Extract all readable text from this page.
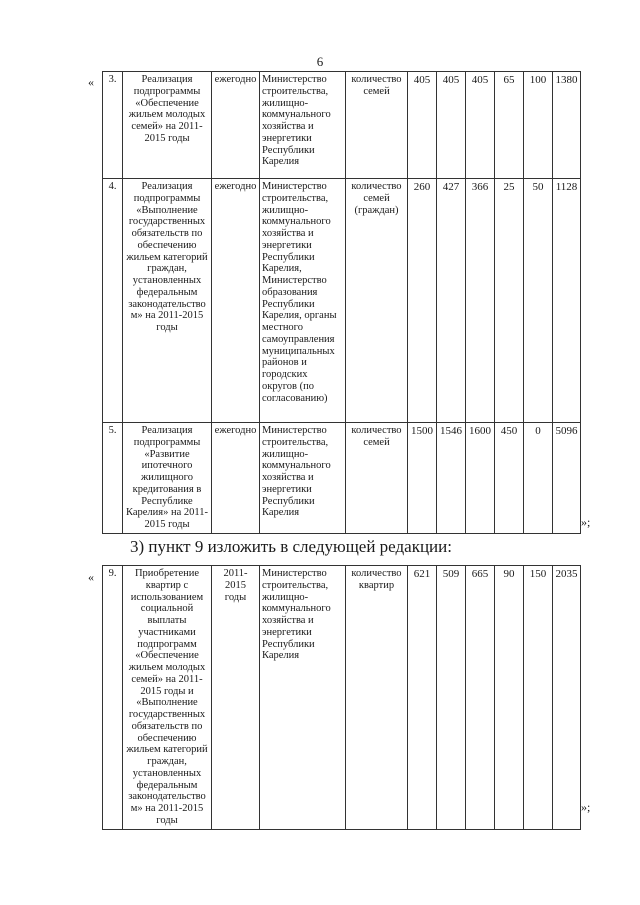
6
« 3.	Реализация подпрограммы «Обеспечение жильем молодых семей» на 2011-2015 годы	ежегодно	Министерство строительства, жилищно-коммунального хозяйства и энергетики Республики Карелия	количество семей	405	405	405	65	100	1380
4.	Реализация подпрограммы «Выполнение государственных обязательств по обеспечению жильем категорий граждан, установленных федеральным законодательством» на 2011-2015 годы	ежегодно	Министерство строительства, жилищно-коммунального хозяйства и энергетики Республики Карелия, Министерство образования Республики Карелия, органы местного самоуправления муниципальных районов и городских округов (по согласованию)	количество семей (граждан)	260	427	366	25	50	1128
5.	Реализация подпрограммы «Развитие ипотечного жилищного кредитования в Республике Карелия» на 2011-2015 годы	ежегодно	Министерство строительства, жилищно-коммунального хозяйства и энергетики Республики Карелия	количество семей	1500	1546	1600	450	0	5096
»;
3) пункт 9 изложить в следующей редакции:
« 9.	Приобретение квартир с использованием социальной выплаты участниками подпрограмм «Обеспечение жильем молодых семей» на 2011-2015 годы и «Выполнение государственных обязательств по обеспечению жильем категорий граждан, установленных федеральным законодательством» на 2011-2015 годы	2011-2015 годы	Министерство строительства, жилищно-коммунального хозяйства и энергетики Республики Карелия	количество квартир	621	509	665	90	150	2035
»;
